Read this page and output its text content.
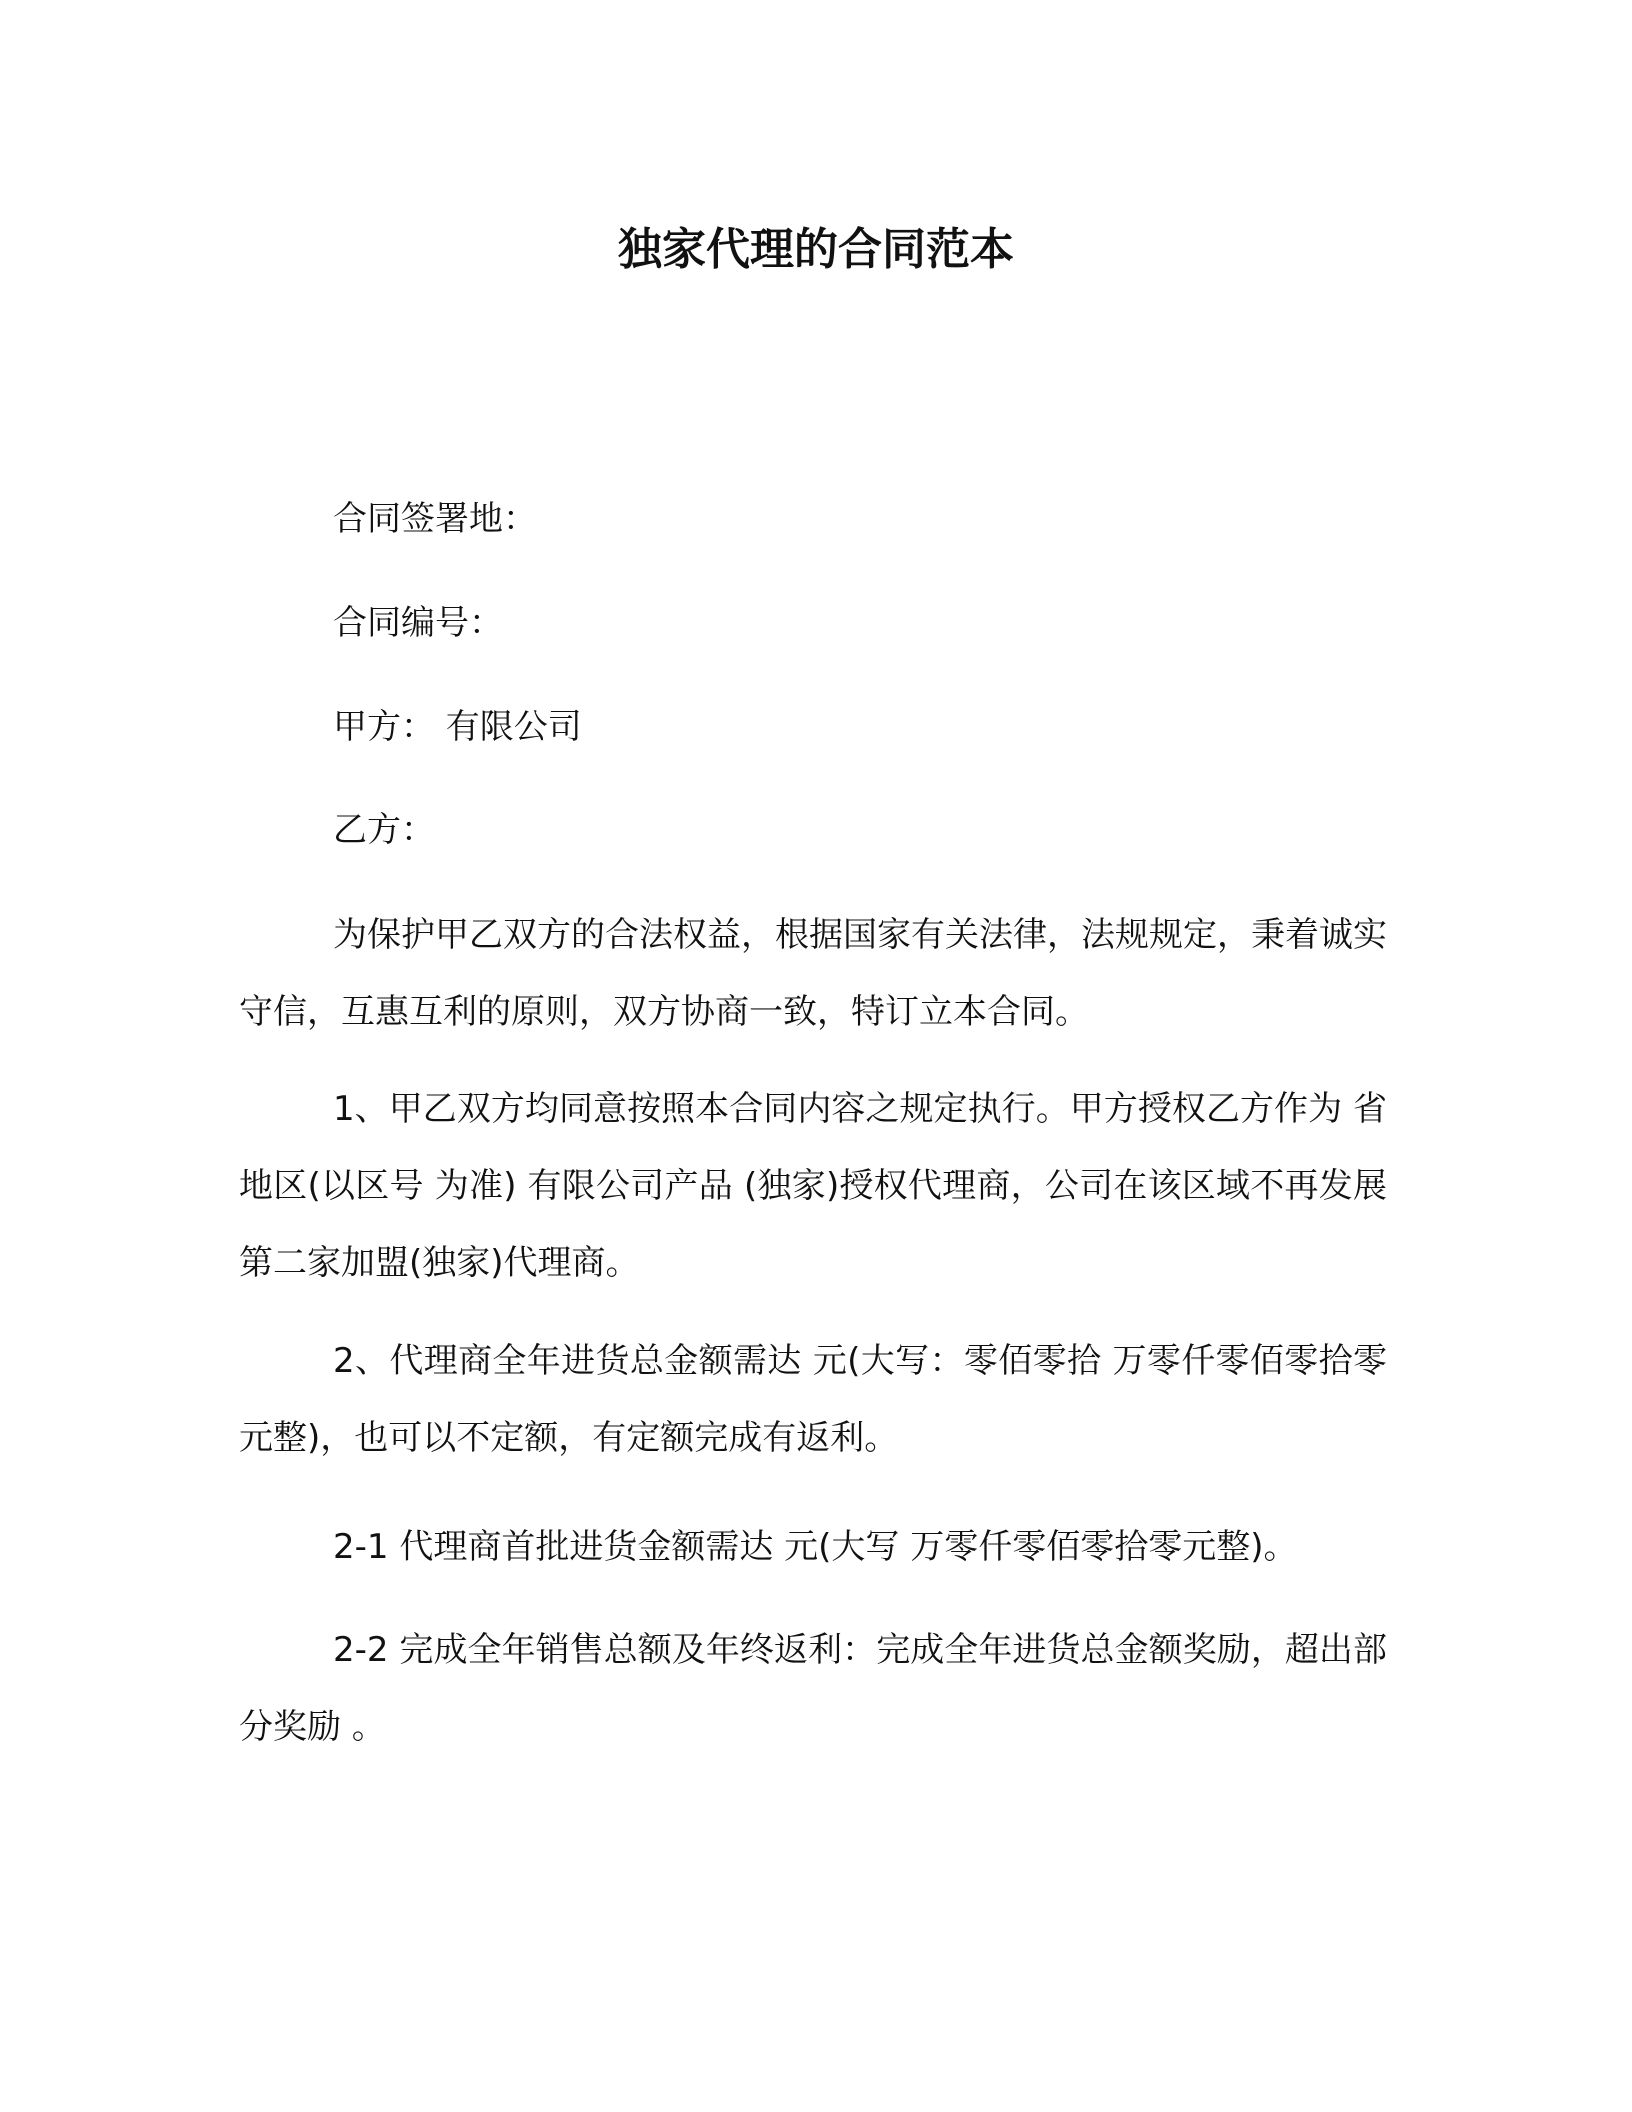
独家代理的合同范本
合同签署地：
合同编号：
甲方： 有限公司
乙方：
为保护甲乙双方的合法权益，根据国家有关法律，法规规定，秉着诚实守信，互惠互利的原则，双方协商一致，特订立本合同。
1、甲乙双方均同意按照本合同内容之规定执行。甲方授权乙方作为 省 地区(以区号 为准) 有限公司产品 (独家)授权代理商，公司在该区域不再发展第二家加盟(独家)代理商。
2、代理商全年进货总金额需达 元(大写：零佰零拾 万零仟零佰零拾零元整)，也可以不定额，有定额完成有返利。
2-1 代理商首批进货金额需达 元(大写 万零仟零佰零拾零元整)。
2-2 完成全年销售总额及年终返利：完成全年进货总金额奖励，超出部分奖励 。
